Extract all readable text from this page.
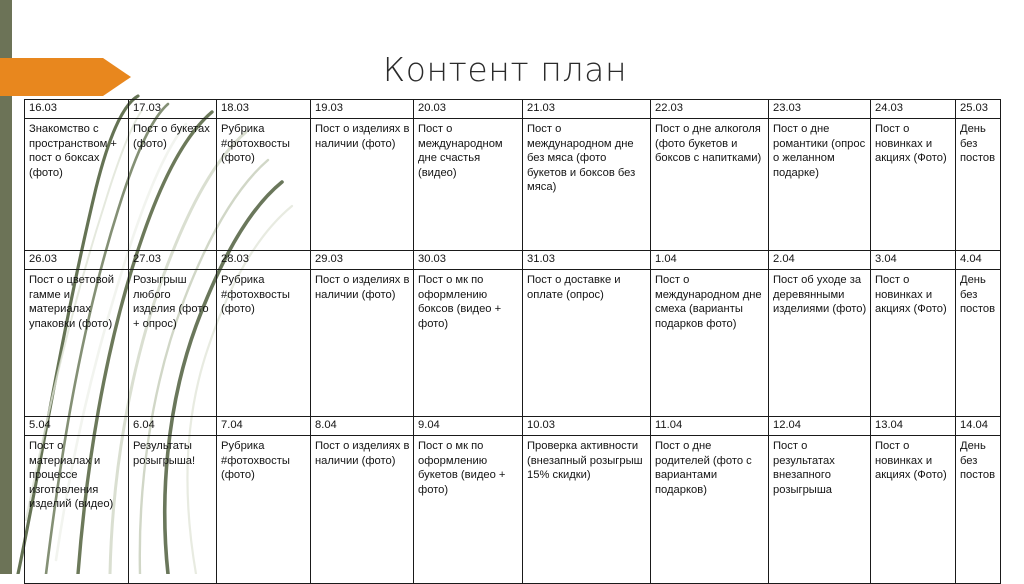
Контент план
16.03	17.03	18.03	19.03	20.03	21.03	22.03	23.03	24.03	25.03
Знакомство с пространством + пост о боксах (фото)	Пост о букетах (фото)	Рубрика #фотохвосты (фото)	Пост о изделиях в наличии (фото)	Пост о международном дне счастья (видео)	Пост о международном дне без мяса (фото букетов и боксов без мяса)	Пост о дне алкоголя (фото букетов и боксов с напитками)	Пост о дне романтики (опрос о желанном подарке)	Пост о новинках и акциях (Фото)	День без постов
26.03	27.03	28.03	29.03	30.03	31.03	1.04	2.04	3.04	4.04
Пост о цветовой гамме и материалах упаковки (фото)	Розыгрыш любого изделия (фото + опрос)	Рубрика #фотохвосты (фото)	Пост о изделиях в наличии (фото)	Пост о мк по оформлению боксов (видео + фото)	Пост о доставке и оплате (опрос)	Пост о международном дне смеха (варианты подарков фото)	Пост об уходе за деревянными изделиями (фото)	Пост о новинках и акциях (Фото)	День без постов
5.04	6.04	7.04	8.04	9.04	10.03	11.04	12.04	13.04	14.04
Пост о материалах и процессе изготовления изделий (видео)	Результаты розыгрыша!	Рубрика #фотохвосты (фото)	Пост о изделиях в наличии (фото)	Пост о мк по оформлению букетов (видео + фото)	Проверка активности (внезапный розыгрыш 15% скидки)	Пост о дне родителей (фото с вариантами подарков)	Пост о результатах внезапного розыгрыша	Пост о новинках и акциях (Фото)	День без постов
